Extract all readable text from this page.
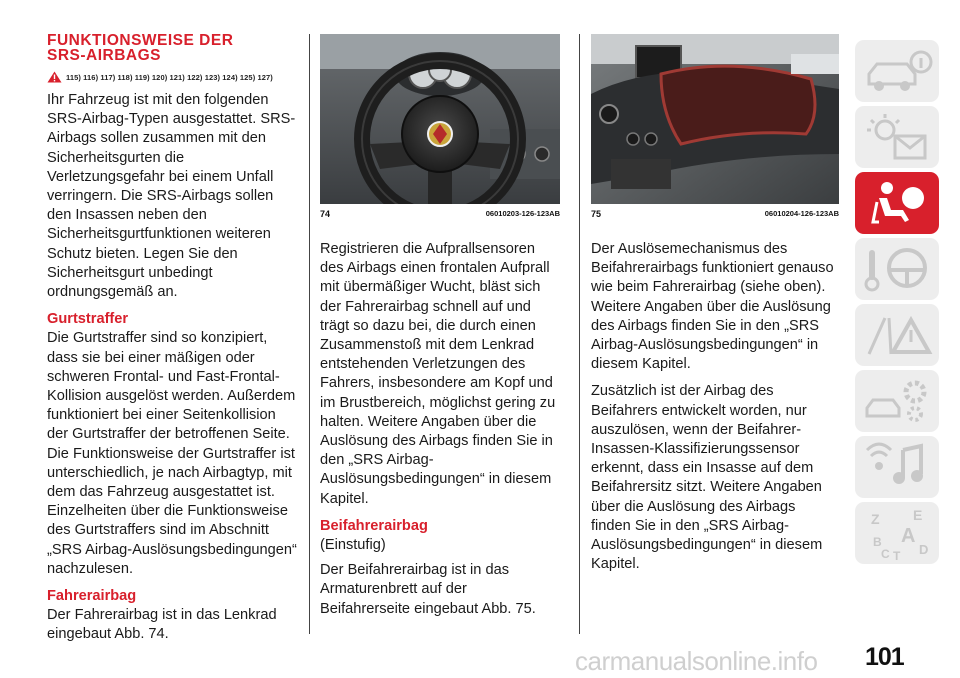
FUNKTIONSWEISE DER
SRS-AIRBAGS
115) 116) 117) 118) 119) 120) 121) 122) 123) 124) 125) 127)

Ihr Fahrzeug ist mit den folgenden SRS-Airbag-Typen ausgestattet. SRS-Airbags sollen zusammen mit den Sicherheitsgurten die Verletzungsgefahr bei einem Unfall verringern. Die SRS-Airbags sollen den Insassen neben den Sicherheitsgurtfunktionen weiteren Schutz bieten. Legen Sie den Sicherheitsgurt unbedingt ordnungsgemäß an.

Gurtstraffer

Die Gurtstraffer sind so konzipiert, dass sie bei einer mäßigen oder schweren Frontal- und Fast-Frontal-Kollision ausgelöst werden. Außerdem funktioniert bei einer Seitenkollision der Gurtstraffer der betroffenen Seite. Die Funktionsweise der Gurtstraffer ist unterschiedlich, je nach Airbagtyp, mit dem das Fahrzeug ausgestattet ist. Einzelheiten über die Funktionsweise des Gurtstraffers sind im Abschnitt „SRS Airbag-Auslösungsbedingungen“ nachzulesen.

Fahrerairbag

Der Fahrerairbag ist in das Lenkrad eingebaut Abb. 74.

74	06010203-126-123AB

Registrieren die Aufprallsensoren des Airbags einen frontalen Aufprall mit übermäßiger Wucht, bläst sich der Fahrerairbag schnell auf und trägt so dazu bei, die durch einen Zusammenstoß mit dem Lenkrad entstehenden Verletzungen des Fahrers, insbesondere am Kopf und im Brustbereich, möglichst gering zu halten. Weitere Angaben über die Auslösung des Airbags finden Sie in den „SRS Airbag-Auslösungsbedingungen“ in diesem Kapitel.

Beifahrerairbag

(Einstufig)

Der Beifahrerairbag ist in das Armaturenbrett auf der Beifahrerseite eingebaut Abb. 75.

75	06010204-126-123AB

Der Auslösemechanismus des Beifahrerairbags funktioniert genauso wie beim Fahrerairbag (siehe oben). Weitere Angaben über die Auslösung des Airbags finden Sie in den „SRS Airbag-Auslösungsbedingungen“ in diesem Kapitel.

Zusätzlich ist der Airbag des Beifahrers entwickelt worden, nur auszulösen, wenn der Beifahrer-Insassen-Klassifizierungssensor erkennt, dass ein Insasse auf dem Beifahrersitz sitzt. Weitere Angaben über die Auslösung des Airbags finden Sie in den „SRS Airbag-Auslösungsbedingungen“ in diesem Kapitel.

Z E
B A
C T D
101
carmanualsonline.info
